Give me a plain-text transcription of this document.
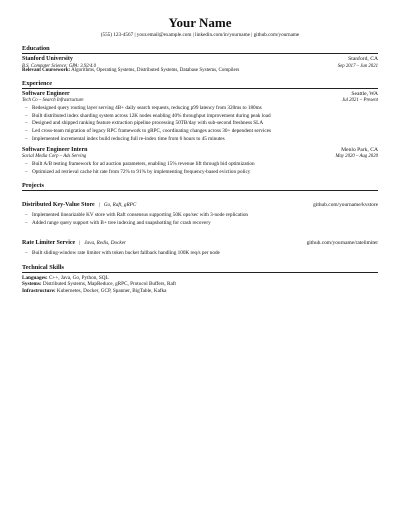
Your Name
(555) 123-4567 | your.email@example.com | linkedin.com/in/yourname | github.com/yourname
Education
Stanford University	Stanford, CA
B.S. Computer Science; GPA: 3.92/4.0	Sep 2017 – Jun 2021
Relevant Coursework: Algorithms, Operating Systems, Distributed Systems, Database Systems, Compilers
Experience
Software Engineer	Seattle, WA
Tech Co – Search Infrastructure	Jul 2021 – Present
– Redesigned query routing layer serving 4B+ daily search requests, reducing p99 latency from 320ms to 180ms
– Built distributed index sharding system across 12K nodes enabling 40% throughput improvement during peak load
– Designed and shipped ranking feature extraction pipeline processing 50TB/day with sub-second freshness SLA
– Led cross-team migration of legacy RPC framework to gRPC, coordinating changes across 30+ dependent services
– Implemented incremental index build reducing full re-index time from 6 hours to 45 minutes
Software Engineer Intern	Menlo Park, CA
Social Media Corp – Ads Serving	May 2020 – Aug 2020
– Built A/B testing framework for ad auction parameters, enabling 15% revenue lift through bid optimization
– Optimized ad retrieval cache hit rate from 72% to 91% by implementing frequency-based eviction policy
Projects
Distributed Key-Value Store | Go, Raft, gRPC	github.com/yourname/kvstore
– Implemented linearizable KV store with Raft consensus supporting 50K ops/sec with 3-node replication
– Added range query support with B+ tree indexing and snapshotting for crash recovery
Rate Limiter Service | Java, Redis, Docker	github.com/yourname/ratelimiter
– Built sliding-window rate limiter with token bucket fallback handling 100K req/s per node
Technical Skills
Languages: C++, Java, Go, Python, SQL
Systems: Distributed Systems, MapReduce, gRPC, Protocol Buffers, Raft
Infrastructure: Kubernetes, Docker, GCP, Spanner, BigTable, Kafka
